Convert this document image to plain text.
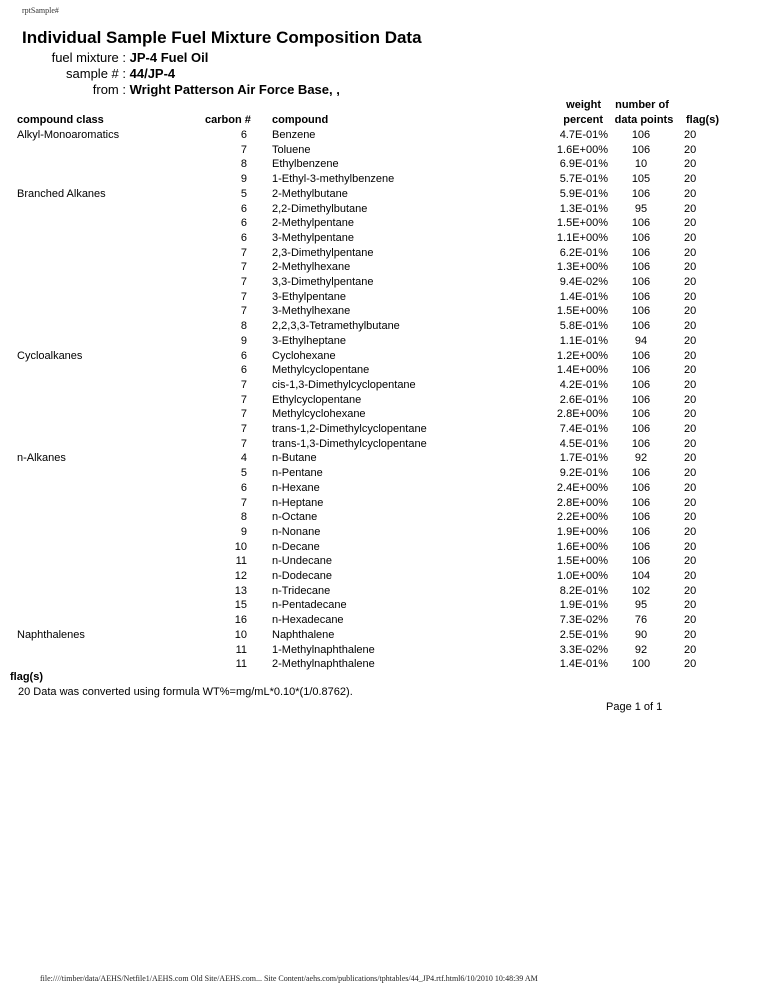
rptSample#
Individual Sample Fuel Mixture Composition Data
fuel mixture : JP-4 Fuel Oil
sample # : 44/JP-4
from : Wright Patterson Air Force Base, ,
compound class	carbon # compound
weight
percent
number of
data points flag(s)
Alkyl-Monoaromatics	6 Benzene	4.7E-01%	106	20
7 Toluene	1.6E+00%	106	20
8 Ethylbenzene	6.9E-01%	10	20
9 1-Ethyl-3-methylbenzene	5.7E-01%	105	20
Branched Alkanes	5 2-Methylbutane	5.9E-01%	106	20
6 2,2-Dimethylbutane	1.3E-01%	95	20
6 2-Methylpentane	1.5E+00%	106	20
6 3-Methylpentane	1.1E+00%	106	20
7 2,3-Dimethylpentane	6.2E-01%	106	20
7 2-Methylhexane	1.3E+00%	106	20
7 3,3-Dimethylpentane	9.4E-02%	106	20
7 3-Ethylpentane	1.4E-01%	106	20
7 3-Methylhexane	1.5E+00%	106	20
8 2,2,3,3-Tetramethylbutane	5.8E-01%	106	20
9 3-Ethylheptane	1.1E-01%	94	20
Cycloalkanes	6 Cyclohexane	1.2E+00%	106	20
6 Methylcyclopentane	1.4E+00%	106	20
7 cis-1,3-Dimethylcyclopentane	4.2E-01%	106	20
7 Ethylcyclopentane	2.6E-01%	106	20
7 Methylcyclohexane	2.8E+00%	106	20
7 trans-1,2-Dimethylcyclopentane	7.4E-01%	106	20
7 trans-1,3-Dimethylcyclopentane	4.5E-01%	106	20
n-Alkanes	4 n-Butane	1.7E-01%	92	20
5 n-Pentane	9.2E-01%	106	20
6 n-Hexane	2.4E+00%	106	20
7 n-Heptane	2.8E+00%	106	20
8 n-Octane	2.2E+00%	106	20
9 n-Nonane	1.9E+00%	106	20
10 n-Decane	1.6E+00%	106	20
11 n-Undecane	1.5E+00%	106	20
12 n-Dodecane	1.0E+00%	104	20
13 n-Tridecane	8.2E-01%	102	20
15 n-Pentadecane	1.9E-01%	95	20
16 n-Hexadecane	7.3E-02%	76	20
Naphthalenes	10 Naphthalene	2.5E-01%	90	20
11 1-Methylnaphthalene	3.3E-02%	92	20
11 2-Methylnaphthalene	1.4E-01%	100	20
flag(s)
20 Data was converted using formula WT%=mg/mL*0.10*(1/0.8762).
Page 1 of 1
file:////timber/data/AEHS/Netfile1/AEHS.com Old Site/AEHS.com... Site Content/aehs.com/publications/tphtables/44_JP4.rtf.html6/10/2010 10:48:39 AM
